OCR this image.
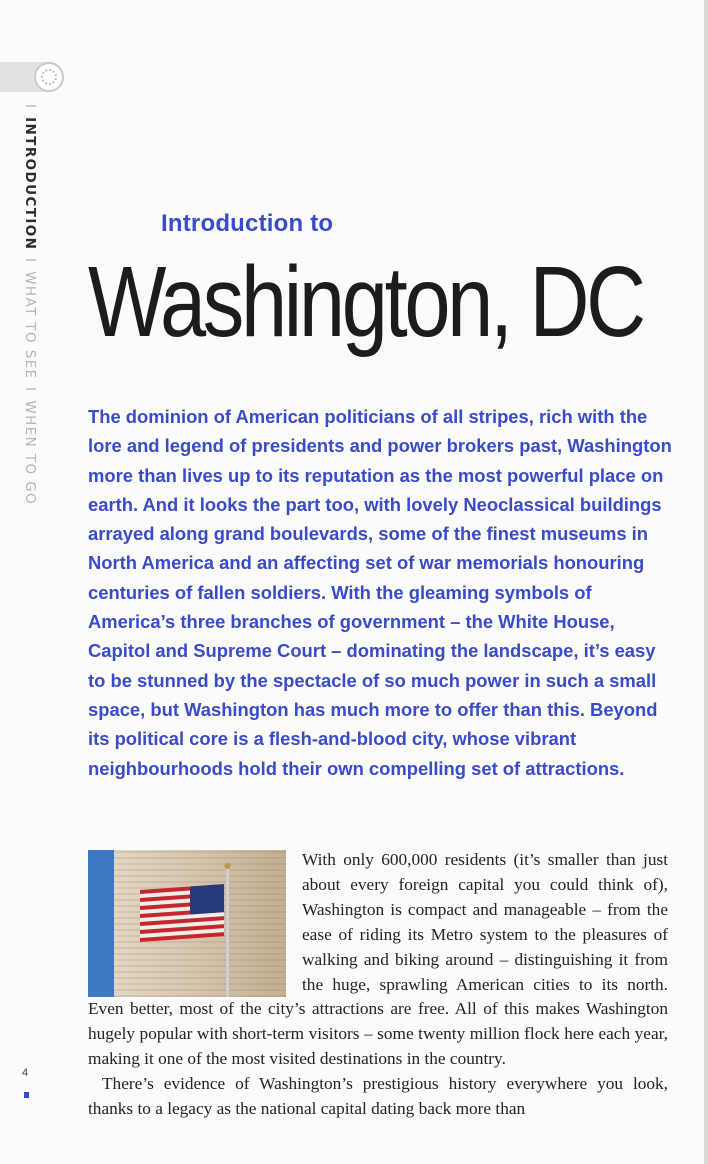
I INTRODUCTION I WHAT TO SEE I WHEN TO GO
Introduction to
Washington, DC

The dominion of American politicians of all stripes, rich with the lore and legend of presidents and power brokers past, Washington more than lives up to its reputation as the most powerful place on earth. And it looks the part too, with lovely Neoclassical buildings arrayed along grand boulevards, some of the finest museums in North America and an affecting set of war memorials honouring centuries of fallen soldiers. With the gleaming symbols of America’s three branches of government – the White House, Capitol and Supreme Court – dominating the landscape, it’s easy to be stunned by the spectacle of so much power in such a small space, but Washington has much more to offer than this. Beyond its political core is a flesh-and-blood city, whose vibrant neighbourhoods hold their own compelling set of attractions.

With only 600,000 residents (it’s smaller than just about every foreign capital you could think of), Washington is compact and manageable – from the ease of riding its Metro system to the pleasures of walking and biking around – distinguishing it from the huge, sprawling American cities to its north. Even better, most of the city’s attractions are free. All of this makes Washington hugely popular with short-term visitors – some twenty million flock here each year, making it one of the most visited destinations in the country.

There’s evidence of Washington’s prestigious history everywhere you look, thanks to a legacy as the national capital dating back more than

4
